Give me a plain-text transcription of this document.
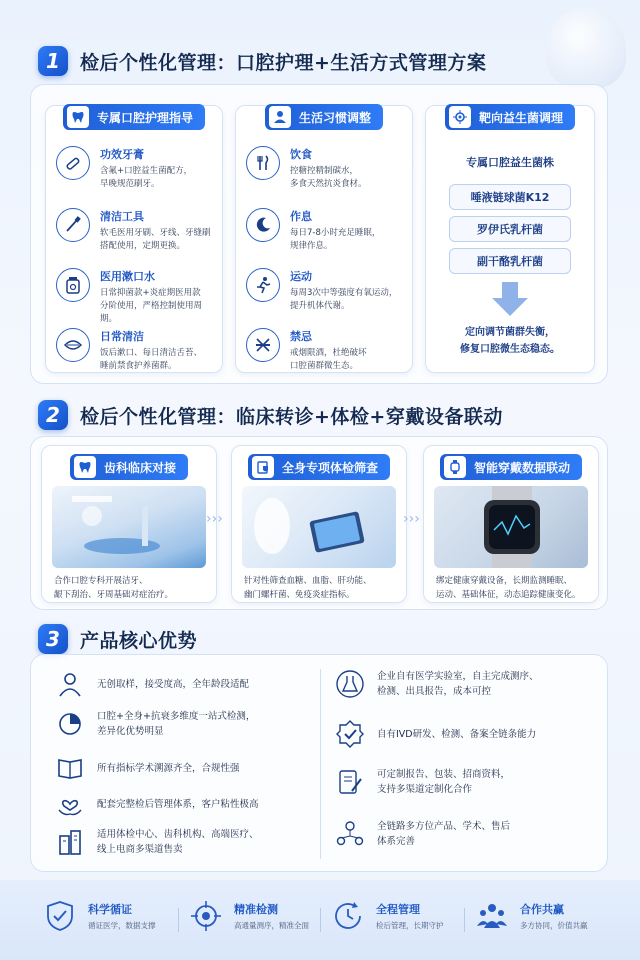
1	检后个性化管理：口腔护理+生活方式管理方案
专属口腔护理指导
功效牙膏
含氟+口腔益生菌配方，
早晚规范刷牙。
清洁工具
软毛医用牙刷、牙线、牙缝刷
搭配使用，定期更换。
医用漱口水
日常抑菌款+炎症期医用款
分阶使用，严格控制使用周期。
日常清洁
饭后漱口、每日清洁舌苔、
睡前禁食护养菌群。
生活习惯调整
饮食
控糖控精制碳水，
多食天然抗炎食材。
作息
每日7-8小时充足睡眠，
规律作息。
运动
每周3次中等强度有氧运动，
提升机体代谢。
禁忌
戒烟限酒，杜绝破坏
口腔菌群微生态。
靶向益生菌调理
专属口腔益生菌株
唾液链球菌K12
罗伊氏乳杆菌
副干酪乳杆菌
定向调节菌群失衡，
修复口腔微生态稳态。
2	检后个性化管理：临床转诊+体检+穿戴设备联动
齿科临床对接
合作口腔专科开展洁牙、
龈下刮治、牙周基础对症治疗。
›››
全身专项体检筛查
针对性筛查血糖、血脂、肝功能、
幽门螺杆菌、免疫炎症指标。
›››
智能穿戴数据联动
绑定健康穿戴设备，长期监测睡眠、
运动、基础体征，动态追踪健康变化。
3	产品核心优势
无创取样，接受度高，全年龄段适配
口腔+全身+抗衰多维度一站式检测，
差异化优势明显
所有指标学术溯源齐全，合规性强
配套完整检后管理体系，客户粘性极高
适用体检中心、齿科机构、高端医疗、
线上电商多渠道售卖
企业自有医学实验室，自主完成测序、
检测、出具报告，成本可控
自有IVD研发、检测、备案全链条能力
可定制报告、包装、招商资料，
支持多渠道定制化合作
全链路多方位产品、学术、售后
体系完善
科学循证
循证医学，数据支撑
精准检测
高通量测序，精准全面
全程管理
检后管理，长期守护
合作共赢
多方协同，价值共赢
